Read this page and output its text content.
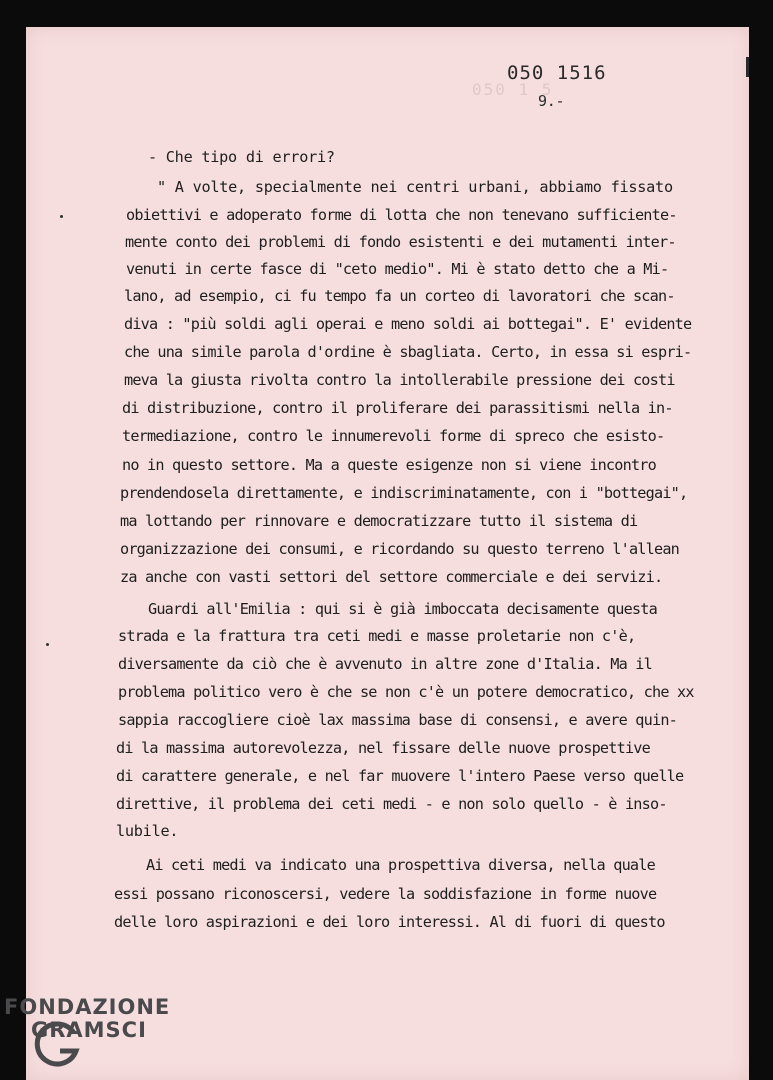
050 1 5
050 1516
9.-
- Che tipo di errori?
" A volte, specialmente nei centri urbani, abbiamo fissato
obiettivi e adoperato forme di lotta che non tenevano sufficiente-
mente conto dei problemi di fondo esistenti e dei mutamenti inter-
venuti in certe fasce di "ceto medio". Mi è stato detto che a Mi-
lano, ad esempio, ci fu tempo fa un corteo di lavoratori che scan-
diva : "più soldi agli operai e meno soldi ai bottegai". E' evidente
che una simile parola d'ordine è sbagliata. Certo, in essa si espri-
meva la giusta rivolta contro la intollerabile pressione dei costi
di distribuzione, contro il proliferare dei parassitismi nella in-
termediazione, contro le innumerevoli forme di spreco che esisto-
no in questo settore. Ma a queste esigenze non si viene incontro
prendendosela direttamente, e indiscriminatamente, con i "bottegai",
ma lottando per rinnovare e democratizzare tutto il sistema di
organizzazione dei consumi, e ricordando su questo terreno l'allean
za anche con vasti settori del settore commerciale e dei servizi.
Guardi all'Emilia : qui si è già imboccata decisamente questa
strada e la frattura tra ceti medi e masse proletarie non c'è,
diversamente da ciò che è avvenuto in altre zone d'Italia. Ma il
problema politico vero è che se non c'è un potere democratico, che xx
sappia raccogliere cioè lax massima base di consensi, e avere quin-
di la massima autorevolezza, nel fissare delle nuove prospettive
di carattere generale, e nel far muovere l'intero Paese verso quelle
direttive, il problema dei ceti medi - e non solo quello - è inso-
lubile.
Ai ceti medi va indicato una prospettiva diversa, nella quale
essi possano riconoscersi, vedere la soddisfazione in forme nuove
delle loro aspirazioni e dei loro interessi. Al di fuori di questo
FONDAZIONE
GRAMSCI
